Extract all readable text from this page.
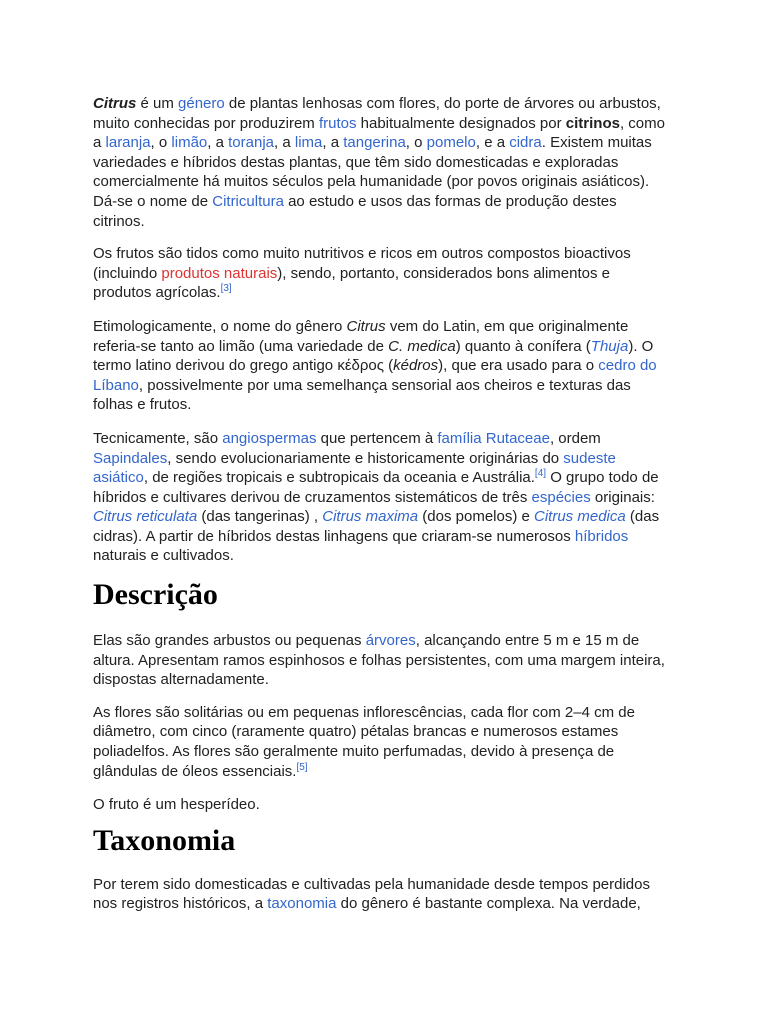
Citrus é um género de plantas lenhosas com flores, do porte de árvores ou arbustos, muito conhecidas por produzirem frutos habitualmente designados por citrinos, como a laranja, o limão, a toranja, a lima, a tangerina, o pomelo, e a cidra. Existem muitas variedades e híbridos destas plantas, que têm sido domesticadas e exploradas comercialmente há muitos séculos pela humanidade (por povos originais asiáticos). Dá-se o nome de Citricultura ao estudo e usos das formas de produção destes citrinos.

Os frutos são tidos como muito nutritivos e ricos em outros compostos bioactivos (incluindo produtos naturais), sendo, portanto, considerados bons alimentos e produtos agrícolas.[3]

Etimologicamente, o nome do gênero Citrus vem do Latin, em que originalmente referia-se tanto ao limão (uma variedade de C. medica) quanto à conífera (Thuja). O termo latino derivou do grego antigo κέδρος (kédros), que era usado para o cedro do Líbano, possivelmente por uma semelhança sensorial aos cheiros e texturas das folhas e frutos.

Tecnicamente, são angiospermas que pertencem à família Rutaceae, ordem Sapindales, sendo evolucionariamente e historicamente originárias do sudeste asiático, de regiões tropicais e subtropicais da oceania e Austrália.[4] O grupo todo de híbridos e cultivares derivou de cruzamentos sistemáticos de três espécies originais: Citrus reticulata (das tangerinas) , Citrus maxima (dos pomelos) e Citrus medica (das cidras). A partir de híbridos destas linhagens que criaram-se numerosos híbridos naturais e cultivados.

Descrição

Elas são grandes arbustos ou pequenas árvores, alcançando entre 5 m e 15 m de altura. Apresentam ramos espinhosos e folhas persistentes, com uma margem inteira, dispostas alternadamente.

As flores são solitárias ou em pequenas inflorescências, cada flor com 2–4 cm de diâmetro, com cinco (raramente quatro) pétalas brancas e numerosos estames poliadelfos. As flores são geralmente muito perfumadas, devido à presença de glândulas de óleos essenciais.[5]

O fruto é um hesperídeo.

Taxonomia

Por terem sido domesticadas e cultivadas pela humanidade desde tempos perdidos nos registros históricos, a taxonomia do gênero é bastante complexa. Na verdade,
